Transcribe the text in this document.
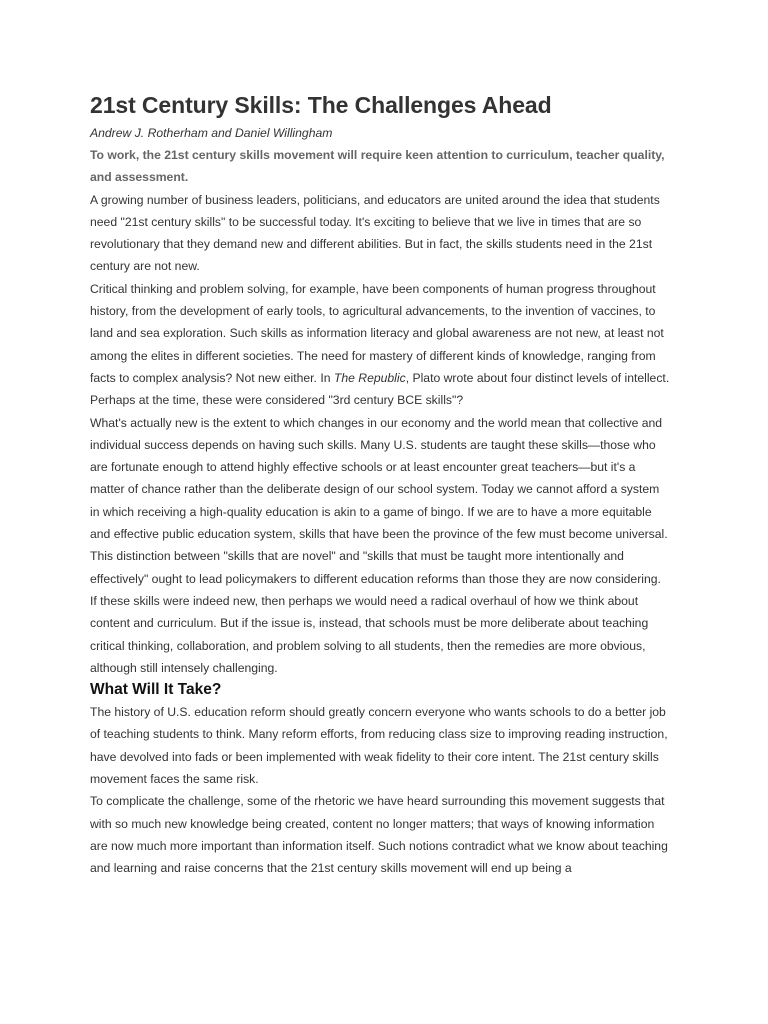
21st Century Skills: The Challenges Ahead

Andrew J. Rotherham and Daniel Willingham

To work, the 21st century skills movement will require keen attention to curriculum, teacher quality, and assessment.

A growing number of business leaders, politicians, and educators are united around the idea that students need "21st century skills" to be successful today. It's exciting to believe that we live in times that are so revolutionary that they demand new and different abilities. But in fact, the skills students need in the 21st century are not new.

Critical thinking and problem solving, for example, have been components of human progress throughout history, from the development of early tools, to agricultural advancements, to the invention of vaccines, to land and sea exploration. Such skills as information literacy and global awareness are not new, at least not among the elites in different societies. The need for mastery of different kinds of knowledge, ranging from facts to complex analysis? Not new either. In The Republic, Plato wrote about four distinct levels of intellect. Perhaps at the time, these were considered "3rd century BCE skills"?

What's actually new is the extent to which changes in our economy and the world mean that collective and individual success depends on having such skills. Many U.S. students are taught these skills—those who are fortunate enough to attend highly effective schools or at least encounter great teachers—but it's a matter of chance rather than the deliberate design of our school system. Today we cannot afford a system in which receiving a high-quality education is akin to a game of bingo. If we are to have a more equitable and effective public education system, skills that have been the province of the few must become universal.

This distinction between "skills that are novel" and "skills that must be taught more intentionally and effectively" ought to lead policymakers to different education reforms than those they are now considering. If these skills were indeed new, then perhaps we would need a radical overhaul of how we think about content and curriculum. But if the issue is, instead, that schools must be more deliberate about teaching critical thinking, collaboration, and problem solving to all students, then the remedies are more obvious, although still intensely challenging.

What Will It Take?

The history of U.S. education reform should greatly concern everyone who wants schools to do a better job of teaching students to think. Many reform efforts, from reducing class size to improving reading instruction, have devolved into fads or been implemented with weak fidelity to their core intent. The 21st century skills movement faces the same risk.

To complicate the challenge, some of the rhetoric we have heard surrounding this movement suggests that with so much new knowledge being created, content no longer matters; that ways of knowing information are now much more important than information itself. Such notions contradict what we know about teaching and learning and raise concerns that the 21st century skills movement will end up being a
